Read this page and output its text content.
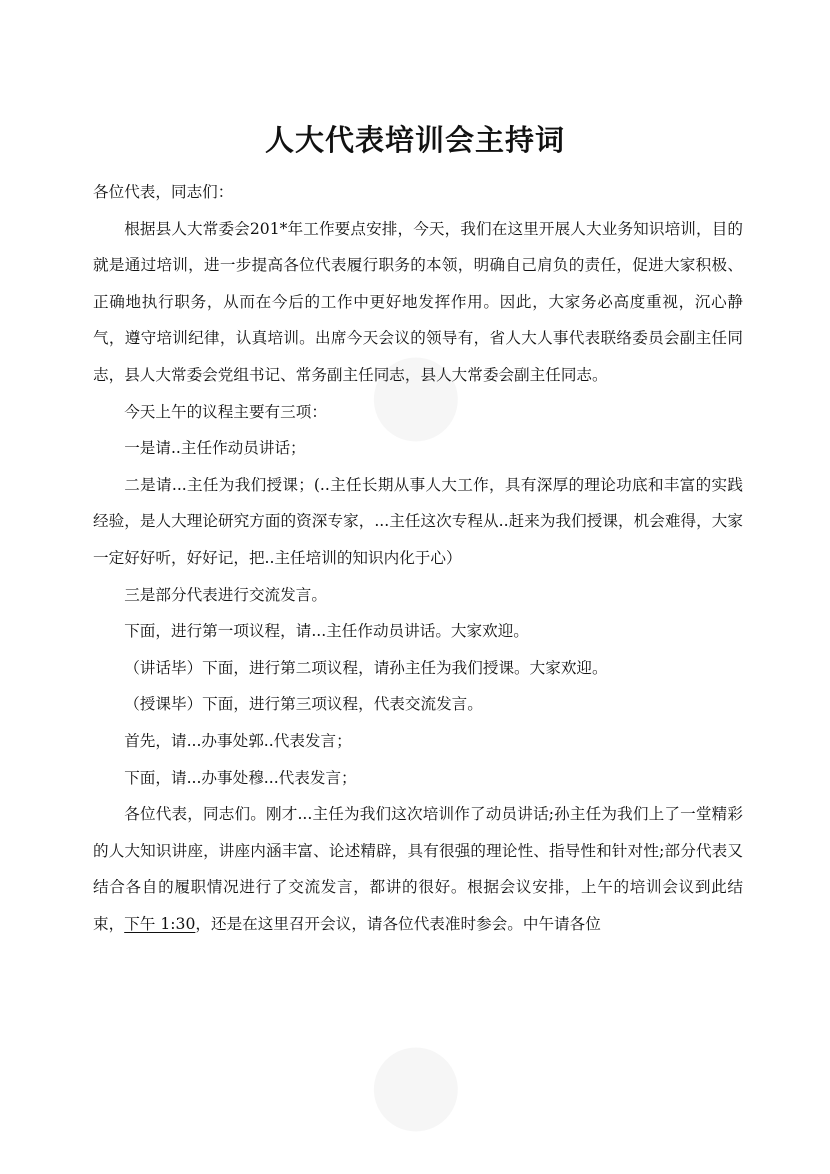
人大代表培训会主持词

各位代表，同志们：

根据县人大常委会201*年工作要点安排，今天，我们在这里开展人大业务知识培训，目的就是通过培训，进一步提高各位代表履行职务的本领，明确自己肩负的责任，促进大家积极、正确地执行职务，从而在今后的工作中更好地发挥作用。因此，大家务必高度重视，沉心静气，遵守培训纪律，认真培训。出席今天会议的领导有，省人大人事代表联络委员会副主任同志，县人大常委会党组书记、常务副主任同志，县人大常委会副主任同志。

今天上午的议程主要有三项：

一是请..主任作动员讲话；

二是请...主任为我们授课；(..主任长期从事人大工作，具有深厚的理论功底和丰富的实践经验，是人大理论研究方面的资深专家，...主任这次专程从..赶来为我们授课，机会难得，大家一定好好听，好好记，把..主任培训的知识内化于心）

三是部分代表进行交流发言。

下面，进行第一项议程，请...主任作动员讲话。大家欢迎。

（讲话毕）下面，进行第二项议程，请孙主任为我们授课。大家欢迎。

（授课毕）下面，进行第三项议程，代表交流发言。

首先，请...办事处郭..代表发言；

下面，请...办事处穆...代表发言；

各位代表，同志们。刚才...主任为我们这次培训作了动员讲话;孙主任为我们上了一堂精彩的人大知识讲座，讲座内涵丰富、论述精辟，具有很强的理论性、指导性和针对性;部分代表又结合各自的履职情况进行了交流发言，都讲的很好。根据会议安排，上午的培训会议到此结束，下午 1:30，还是在这里召开会议，请各位代表准时参会。中午请各位
